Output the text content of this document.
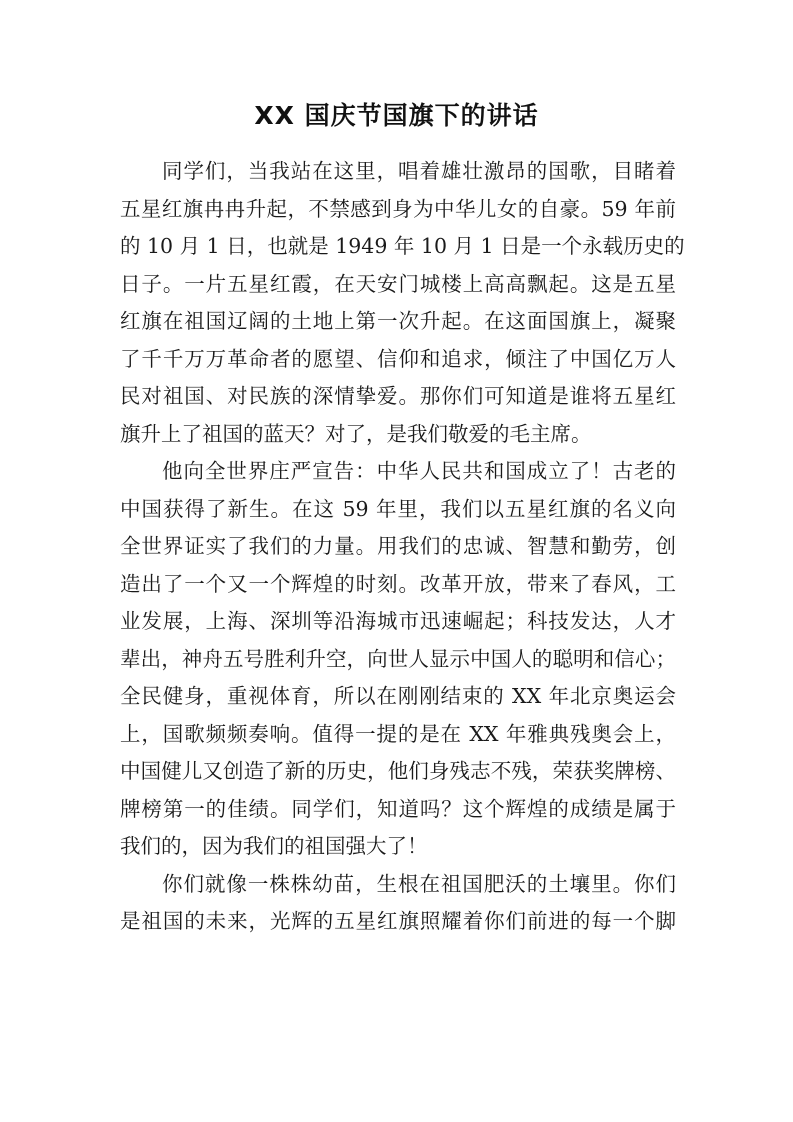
XX 国庆节国旗下的讲话
同学们，当我站在这里，唱着雄壮激昂的国歌，目睹着
五星红旗冉冉升起，不禁感到身为中华儿女的自豪。59 年前
的 10 月 1 日，也就是 1949 年 10 月 1 日是一个永载历史的
日子。一片五星红霞，在天安门城楼上高高飘起。这是五星
红旗在祖国辽阔的土地上第一次升起。在这面国旗上，凝聚
了千千万万革命者的愿望、信仰和追求，倾注了中国亿万人
民对祖国、对民族的深情挚爱。那你们可知道是谁将五星红
旗升上了祖国的蓝天？对了，是我们敬爱的毛主席。
他向全世界庄严宣告：中华人民共和国成立了！古老的
中国获得了新生。在这 59 年里，我们以五星红旗的名义向
全世界证实了我们的力量。用我们的忠诚、智慧和勤劳，创
造出了一个又一个辉煌的时刻。改革开放，带来了春风，工
业发展，上海、深圳等沿海城市迅速崛起；科技发达，人才
辈出，神舟五号胜利升空，向世人显示中国人的聪明和信心；
全民健身，重视体育，所以在刚刚结束的 XX 年北京奥运会
上，国歌频频奏响。值得一提的是在 XX 年雅典残奥会上，
中国健儿又创造了新的历史，他们身残志不残，荣获奖牌榜、
牌榜第一的佳绩。同学们，知道吗？这个辉煌的成绩是属于
我们的，因为我们的祖国强大了！
你们就像一株株幼苗，生根在祖国肥沃的土壤里。你们
是祖国的未来，光辉的五星红旗照耀着你们前进的每一个脚
